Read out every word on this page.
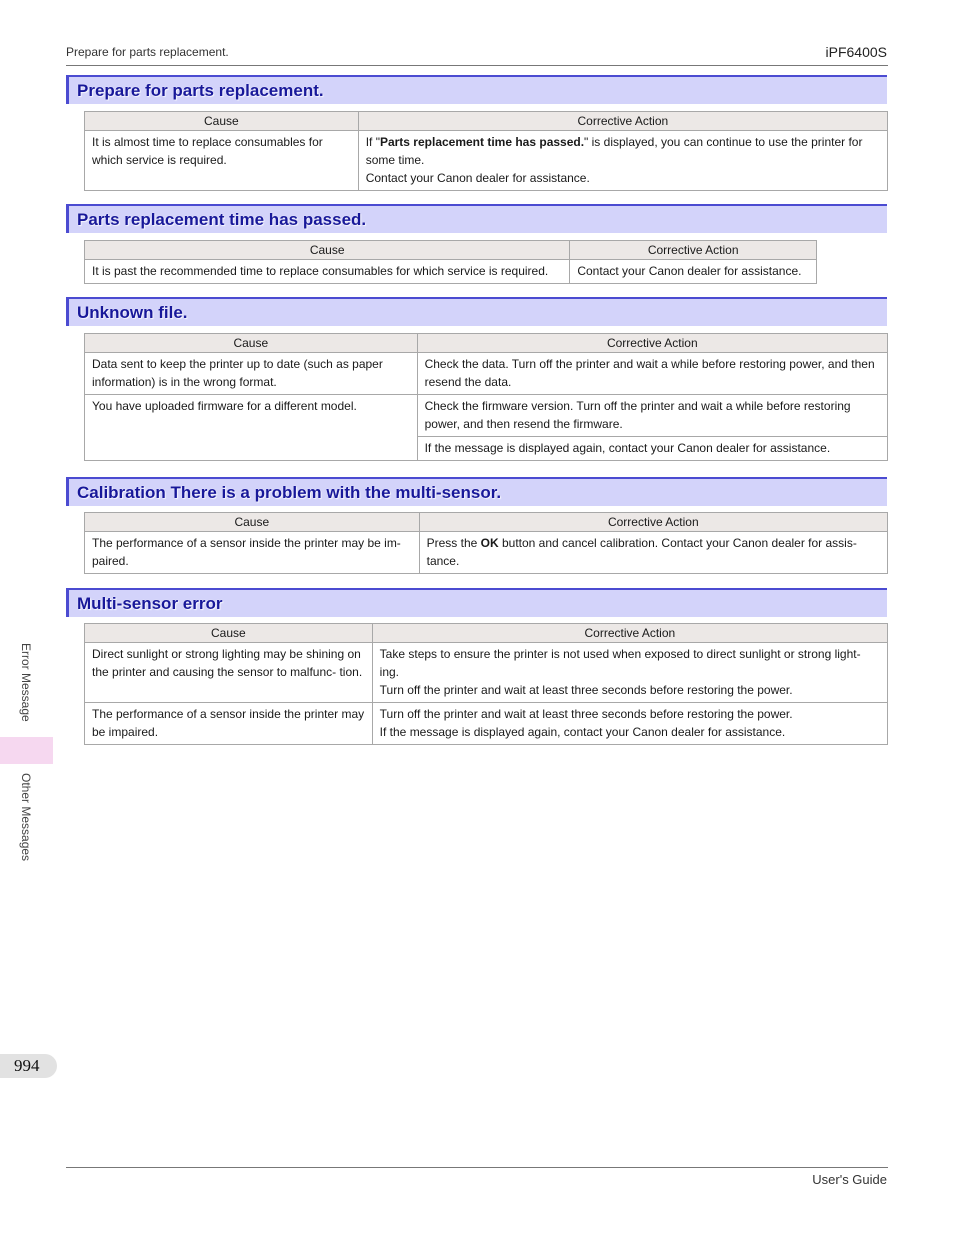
Prepare for parts replacement.	iPF6400S
Prepare for parts replacement.
Cause	Corrective Action
It is almost time to replace consumables for which service is required.	If "Parts replacement time has passed." is displayed, you can continue to use the printer for some time.

Contact your Canon dealer for assistance.

Parts replacement time has passed.
Cause	Corrective Action
It is past the recommended time to replace consumables for which service is required.	Contact your Canon dealer for assistance.
Unknown file.
Cause	Corrective Action
Data sent to keep the printer up to date (such as paper information) is in the wrong format.	Check the data. Turn off the printer and wait a while before restoring power, and then resend the data.
You have uploaded firmware for a different model.	Check the firmware version. Turn off the printer and wait a while before restoring power, and then resend the firmware.
	If the message is displayed again, contact your Canon dealer for assistance.
Calibration There is a problem with the multi-sensor.
Cause	Corrective Action
The performance of a sensor inside the printer may be im- paired.	Press the OK button and cancel calibration. Contact your Canon dealer for assis- tance.
Multi-sensor error
Cause	Corrective Action
Direct sunlight or strong lighting may be shining on the printer and causing the sensor to malfunc- tion.	Take steps to ensure the printer is not used when exposed to direct sunlight or strong light- ing.

Turn off the printer and wait at least three seconds before restoring the power.

The performance of a sensor inside the printer may be impaired.	Turn off the printer and wait at least three seconds before restoring the power.

If the message is displayed again, contact your Canon dealer for assistance.

Error Message
Other Messages
994
User's Guide
